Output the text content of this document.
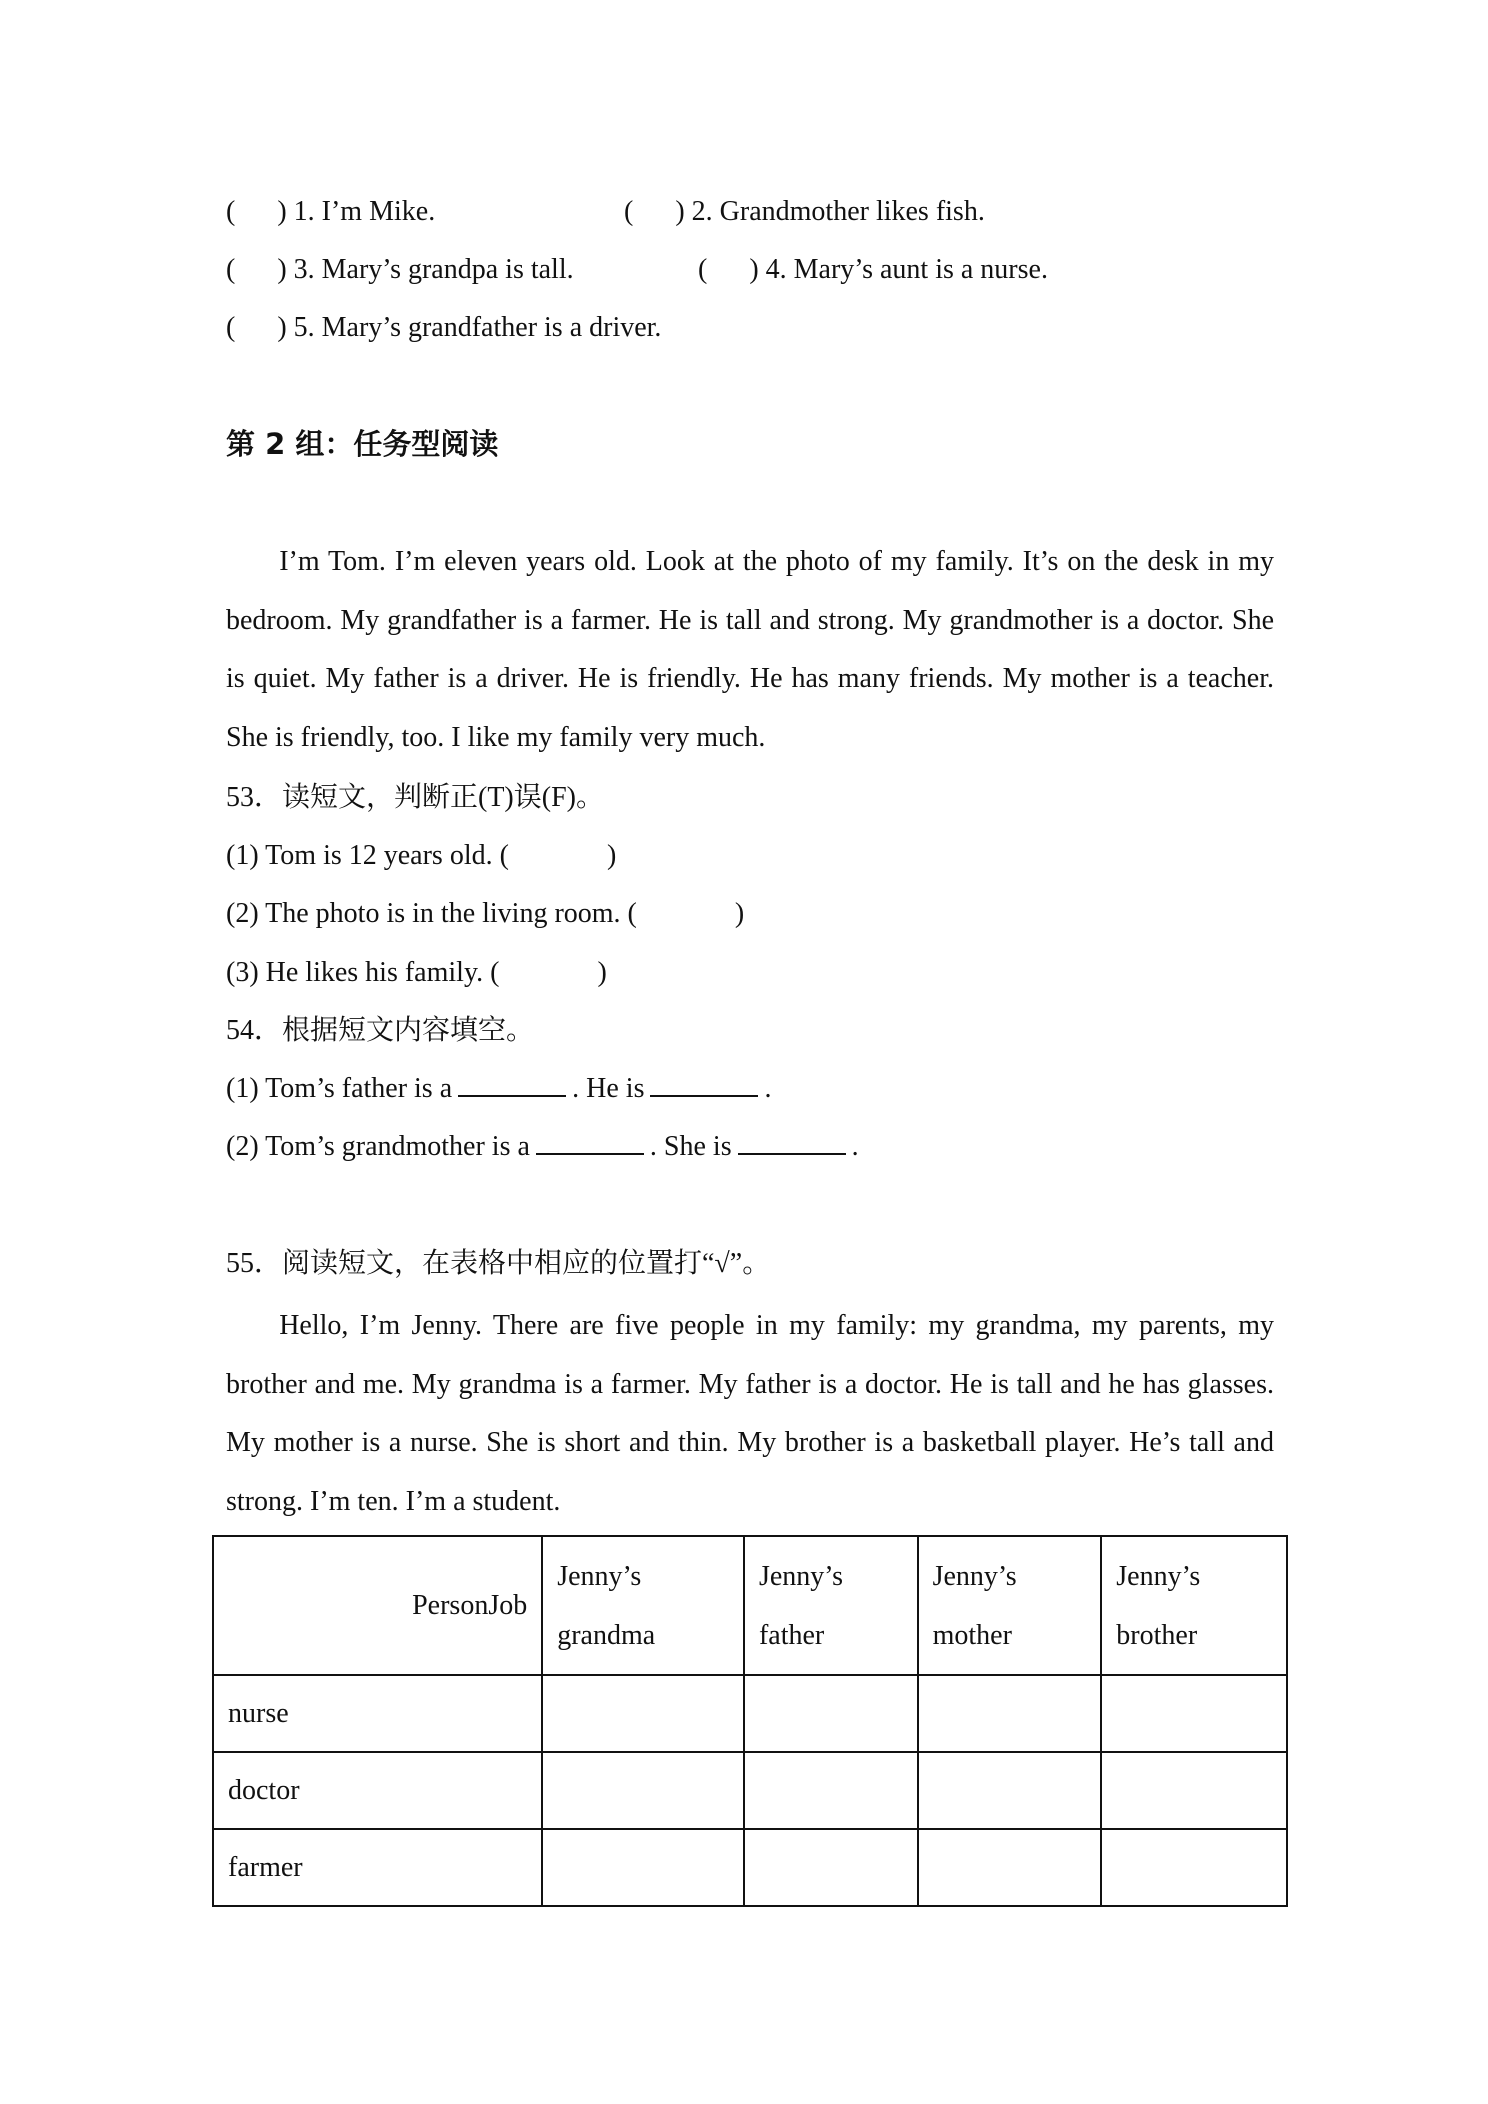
(      ) 1. I’m Mike.	(      ) 2. Grandmother likes fish.
(      ) 3. Mary’s grandpa is tall.	(      ) 4. Mary’s aunt is a nurse.
(      ) 5. Mary’s grandfather is a driver.
第 2 组：任务型阅读
I’m Tom. I’m eleven years old. Look at the photo of my family. It’s on the desk in my bedroom. My grandfather is a farmer. He is tall and strong. My grandmother is a doctor. She is quiet. My father is a driver. He is friendly. He has many friends. My mother is a teacher. She is friendly, too. I like my family very much.
53．读短文，判断正(T)误(F)。
(1) Tom is 12 years old. (	)
(2) The photo is in the living room. (	)
(3) He likes his family. (	)
54．根据短文内容填空。
(1) Tom’s father is a	. He is	.
(2) Tom’s grandmother is a	. She is	.
55．阅读短文，在表格中相应的位置打“√”。
Hello, I’m Jenny. There are five people in my family: my grandma, my parents, my brother and me. My grandma is a farmer. My father is a doctor. He is tall and he has glasses. My mother is a nurse. She is short and thin. My brother is a basketball player. He’s tall and strong. I’m ten. I’m a student.
PersonJob	Jenny’s grandma	Jenny’s father	Jenny’s mother	Jenny’s brother
nurse				
doctor				
farmer				
